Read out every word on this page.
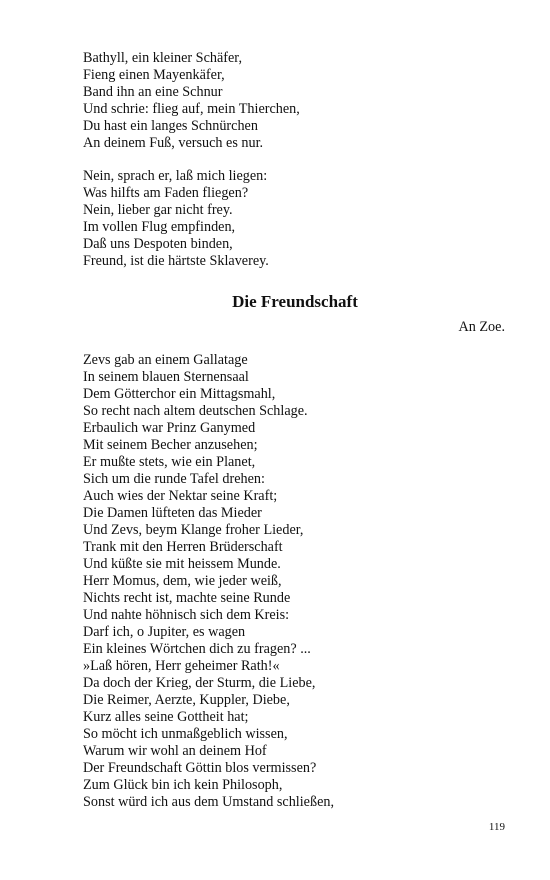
Bathyll, ein kleiner Schäfer,
Fieng einen Mayenkäfer,
Band ihn an eine Schnur
Und schrie: flieg auf, mein Thierchen,
Du hast ein langes Schnürchen
An deinem Fuß, versuch es nur.
Nein, sprach er, laß mich liegen:
Was hilfts am Faden fliegen?
Nein, lieber gar nicht frey.
Im vollen Flug empfinden,
Daß uns Despoten binden,
Freund, ist die härtste Sklaverey.
Die Freundschaft

An Zoe.

Zevs gab an einem Gallatage
In seinem blauen Sternensaal
Dem Götterchor ein Mittagsmahl,
So recht nach altem deutschen Schlage.
Erbaulich war Prinz Ganymed
Mit seinem Becher anzusehen;
Er mußte stets, wie ein Planet,
Sich um die runde Tafel drehen:
Auch wies der Nektar seine Kraft;
Die Damen lüfteten das Mieder
Und Zevs, beym Klange froher Lieder,
Trank mit den Herren Brüderschaft
Und küßte sie mit heissem Munde.
Herr Momus, dem, wie jeder weiß,
Nichts recht ist, machte seine Runde
Und nahte höhnisch sich dem Kreis:
Darf ich, o Jupiter, es wagen
Ein kleines Wörtchen dich zu fragen? ...
»Laß hören, Herr geheimer Rath!«
Da doch der Krieg, der Sturm, die Liebe,
Die Reimer, Aerzte, Kuppler, Diebe,
Kurz alles seine Gottheit hat;
So möcht ich unmaßgeblich wissen,
Warum wir wohl an deinem Hof
Der Freundschaft Göttin blos vermissen?
Zum Glück bin ich kein Philosoph,
Sonst würd ich aus dem Umstand schließen,

119
